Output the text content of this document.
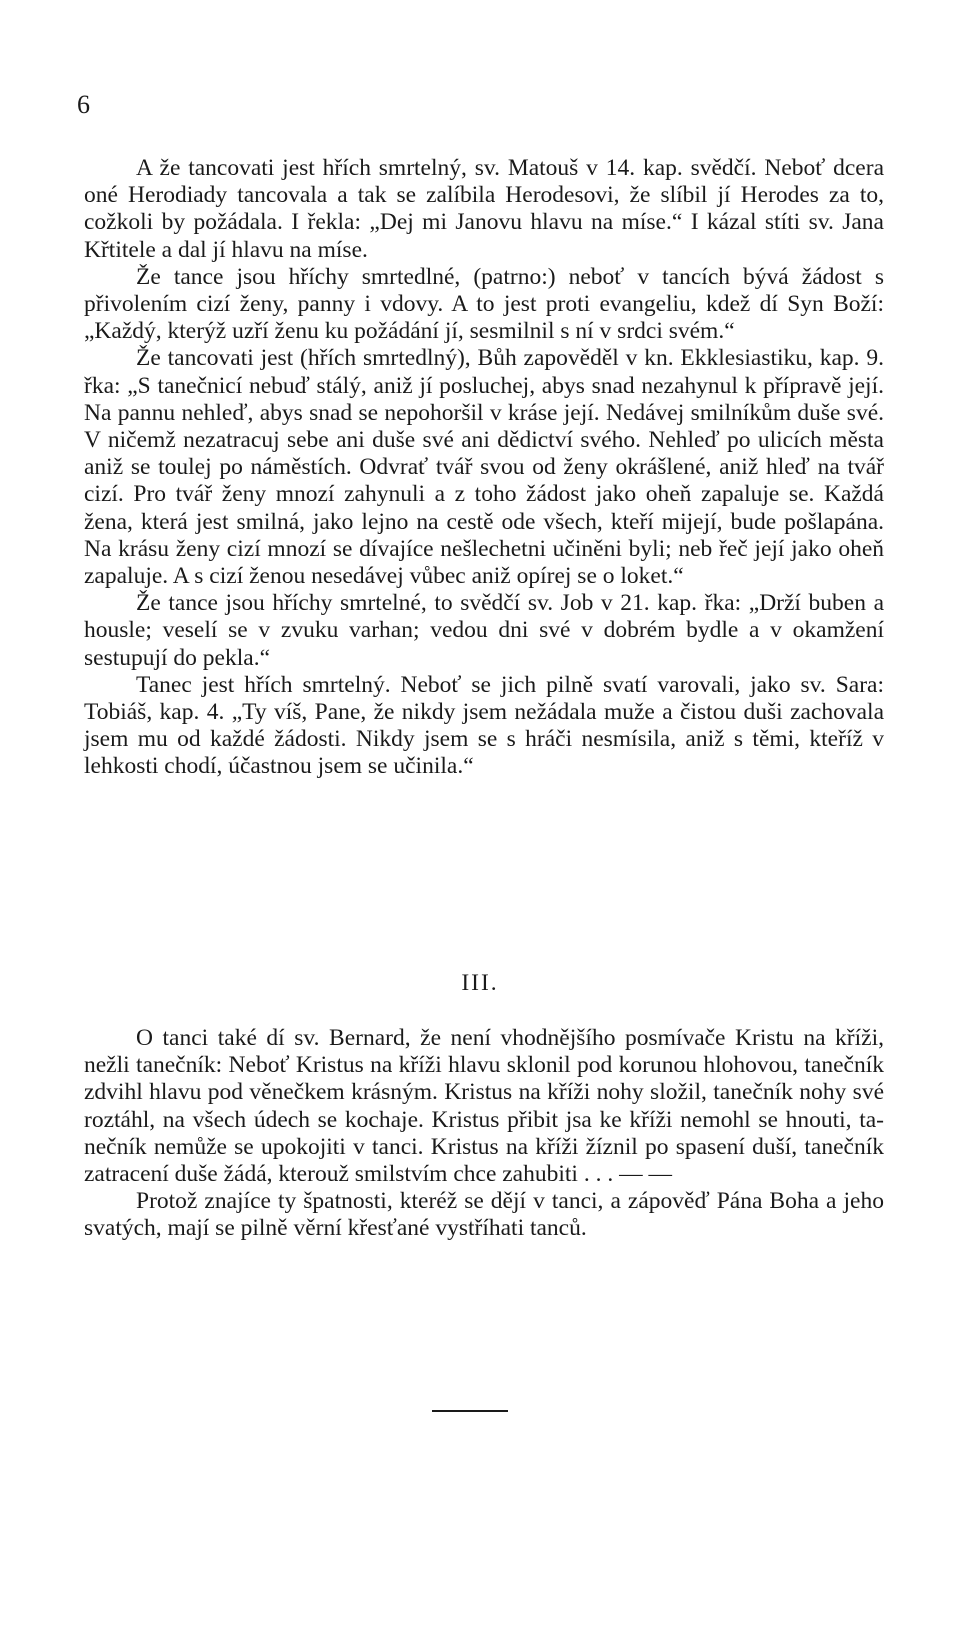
6

A že tancovati jest hřích smrtelný, sv. Matouš v 14. kap. svědčí. Neboť dcera oné Herodiady tancovala a tak se zalíbila Herodesovi, že slíbil jí Herodes za to, cožkoli by požádala. I řekla: „Dej mi Janovu hlavu na míse.“ I kázal stíti sv. Jana Křtitele a dal jí hlavu na míse.

Že tance jsou hříchy smrtedlné, (patrno:) neboť v tancích bývá žádost s přivolením cizí ženy, panny i vdovy. A to jest proti evangeliu, kdež dí Syn Boží: „Každý, kterýž uzří ženu ku požádání jí, sesmilnil s ní v srdci svém.“

Že tancovati jest (hřích smrtedlný), Bůh zapověděl v kn. Ekklesiastiku, kap. 9. řka: „S tanečnicí nebuď stálý, aniž jí posluchej, abys snad nezahynul k přípravě její. Na pannu nehleď, abys snad se nepohoršil v kráse její. Nedávej smilníkům duše své. V ničemž nezatracuj sebe ani duše své ani dědictví svého. Nehleď po ulicích města aniž se toulej po náměstích. Odvrať tvář svou od ženy okrášlené, aniž hleď na tvář cizí. Pro tvář ženy mnozí zahynuli a z toho žádost jako oheň zapaluje se. Každá žena, která jest smilná, jako lejno na cestě ode všech, kteří mijejí, bude pošlapána. Na krásu ženy cizí mnozí se dívajíce nešlechetni učiněni byli; neb řeč její jako oheň zapaluje. A s cizí ženou nesedávej vůbec aniž opírej se o loket.“

Že tance jsou hříchy smrtelné, to svědčí sv. Job v 21. kap. řka: „Drží buben a housle; veselí se v zvuku varhan; vedou dni své v dobrém bydle a v okamžení sestupují do pekla.“

Tanec jest hřích smrtelný. Neboť se jich pilně svatí varovali, jako sv. Sara: Tobiáš, kap. 4. „Ty víš, Pane, že nikdy jsem nežádala muže a čistou duši zachovala jsem mu od každé žádosti. Nikdy jsem se s hráči nesmísila, aniž s těmi, kteříž v lehkosti chodí, účastnou jsem se učinila.“

III.

O tanci také dí sv. Bernard, že není vhodnějšího posmívače Kristu na kříži, nežli tanečník: Neboť Kristus na kříži hlavu sklonil pod korunou hlohovou, tanečník zdvihl hlavu pod věnečkem krásným. Kristus na kříži nohy složil, tanečník nohy své roztáhl, na všech údech se kochaje. Kristus přibit jsa ke kříži nemohl se hnouti, tanečník nemůže se upokojiti v tanci. Kristus na kříži žíznil po spasení duší, tanečník zatracení duše žádá, kterouž smilstvím chce zahubiti . . . — —

Protož znajíce ty špatnosti, kteréž se dějí v tanci, a zápověď Pána Boha a jeho svatých, mají se pilně věrní křesťané vystříhati tanců.
